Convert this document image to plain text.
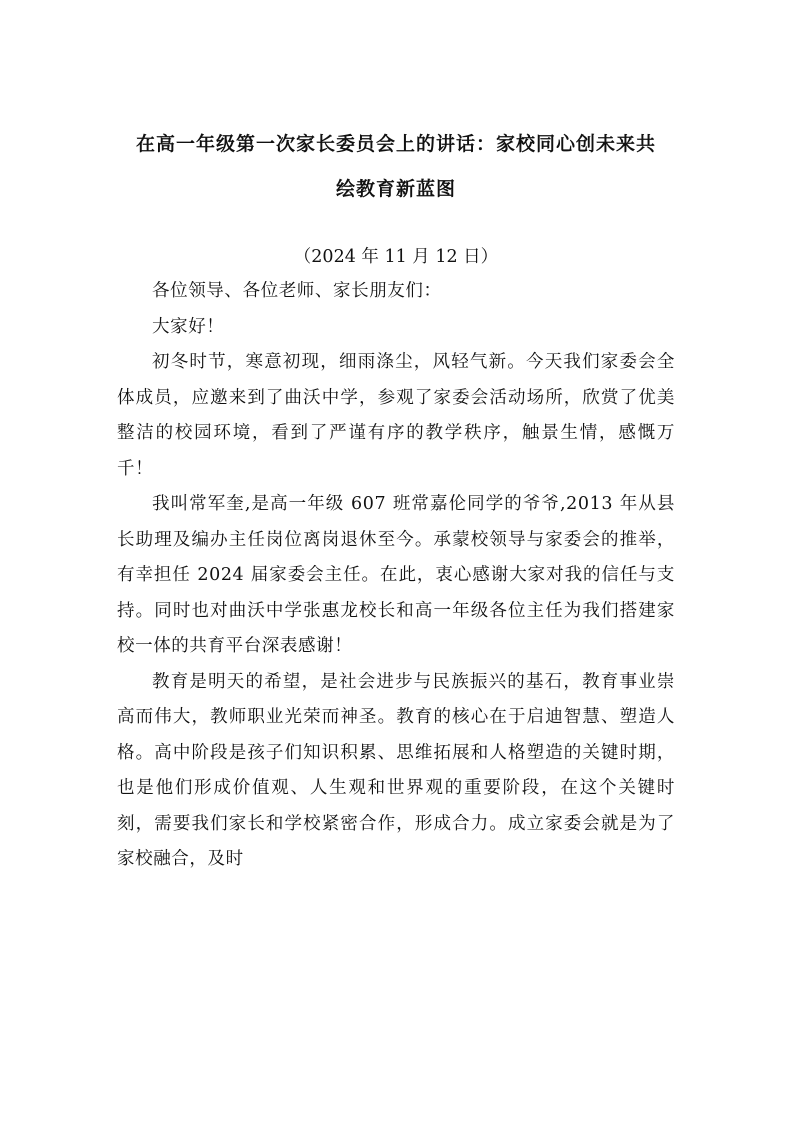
在高一年级第一次家长委员会上的讲话：家校同心创未来共

绘教育新蓝图

（2024 年 11 月 12 日）

各位领导、各位老师、家长朋友们：

大家好！

初冬时节，寒意初现，细雨涤尘，风轻气新。今天我们家委会全体成员，应邀来到了曲沃中学，参观了家委会活动场所，欣赏了优美整洁的校园环境，看到了严谨有序的教学秩序，触景生情，感慨万千！

我叫常军奎,是高一年级 607 班常嘉伦同学的爷爷,2013 年从县长助理及编办主任岗位离岗退休至今。承蒙校领导与家委会的推举，有幸担任 2024 届家委会主任。在此，衷心感谢大家对我的信任与支持。同时也对曲沃中学张惠龙校长和高一年级各位主任为我们搭建家校一体的共育平台深表感谢！

教育是明天的希望，是社会进步与民族振兴的基石，教育事业崇高而伟大，教师职业光荣而神圣。教育的核心在于启迪智慧、塑造人格。高中阶段是孩子们知识积累、思维拓展和人格塑造的关键时期，也是他们形成价值观、人生观和世界观的重要阶段，在这个关键时刻，需要我们家长和学校紧密合作，形成合力。成立家委会就是为了家校融合，及时
